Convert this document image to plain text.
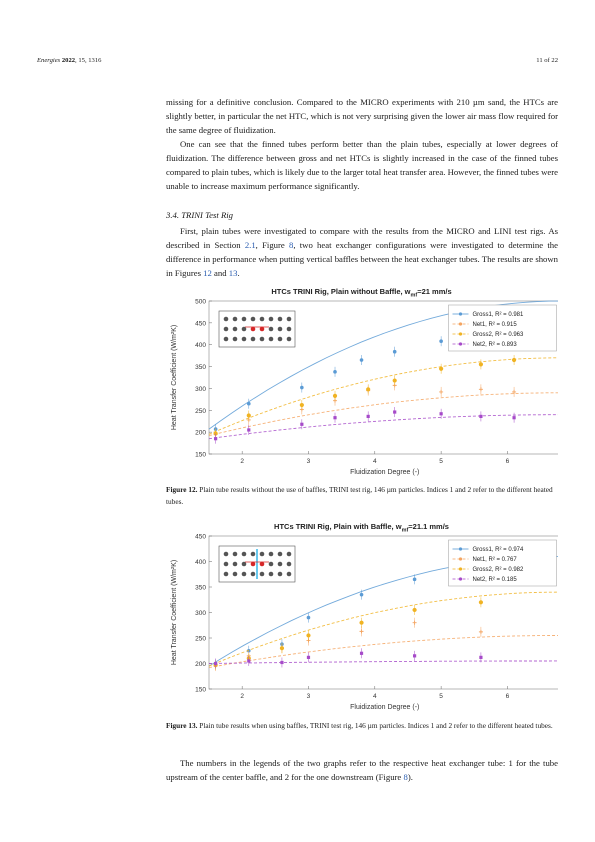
Energies 2022, 15, 1316	11 of 22
missing for a definitive conclusion. Compared to the MICRO experiments with 210 µm sand, the HTCs are slightly better, in particular the net HTC, which is not very surprising given the lower air mass flow required for the same degree of fluidization.
One can see that the finned tubes perform better than the plain tubes, especially at lower degrees of fluidization. The difference between gross and net HTCs is slightly increased in the case of the finned tubes compared to plain tubes, which is likely due to the larger total heat transfer area. However, the finned tubes were unable to increase maximum performance significantly.
3.4. TRINI Test Rig
First, plain tubes were investigated to compare with the results from the MICRO and LINI test rigs. As described in Section 2.1, Figure 8, two heat exchanger configurations were investigated to determine the difference in performance when putting vertical baffles between the heat exchanger tubes. The results are shown in Figures 12 and 13.
HTCs TRINI Rig, Plain without Baffle, $w_{mf}=21$ mm/s
150
200
250
300
350
400
450
500
2	3	4	5	6
Fluidization Degree (-)
Heat Transfer Coefficient (W/m²K)
Gross1, R² = 0.981
Net1, R² = 0.915
Gross2, R² = 0.963
Net2, R² = 0.893
Figure 12. Plain tube results without the use of baffles, TRINI test rig, 146 µm particles. Indices 1 and 2 refer to the different heated tubes.
HTCs TRINI Rig, Plain with Baffle, $w_{mf}=21.1$ mm/s
150
200
250
300
350
400
450
2	3	4	5	6
Fluidization Degree (-)
Heat Transfer Coefficient (W/m²K)
Gross1, R² = 0.974
Net1, R² = 0.767
Gross2, R² = 0.982
Net2, R² = 0.185
Figure 13. Plain tube results when using baffles, TRINI test rig, 146 µm particles. Indices 1 and 2 refer to the different heated tubes.
The numbers in the legends of the two graphs refer to the respective heat exchanger tube: 1 for the tube upstream of the center baffle, and 2 for the one downstream (Figure 8).
